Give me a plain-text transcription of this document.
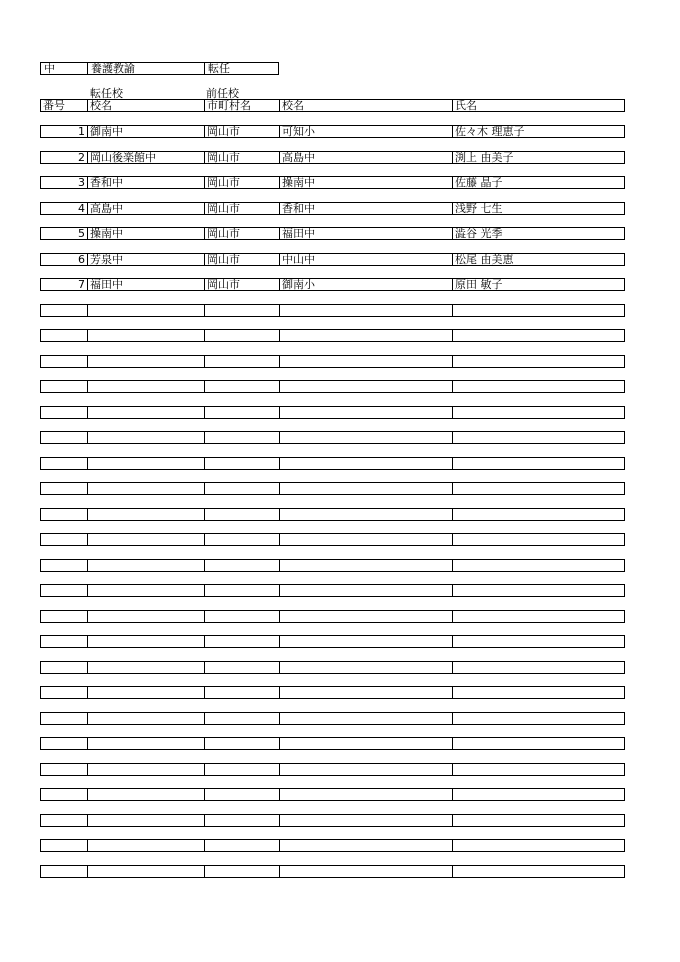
中	養護教諭	転任
転任校	前任校
番号	校名	市町村名	校名	氏名
1 御南中	岡山市	可知小	佐々木 理恵子
2 岡山後楽館中	岡山市	高島中	渕上 由美子
3 香和中	岡山市	操南中	佐藤 晶子
4 高島中	岡山市	香和中	浅野 七生
5 操南中	岡山市	福田中	澁谷 光季
6 芳泉中	岡山市	中山中	松尾 由美恵
7 福田中	岡山市	御南小	原田 敏子
